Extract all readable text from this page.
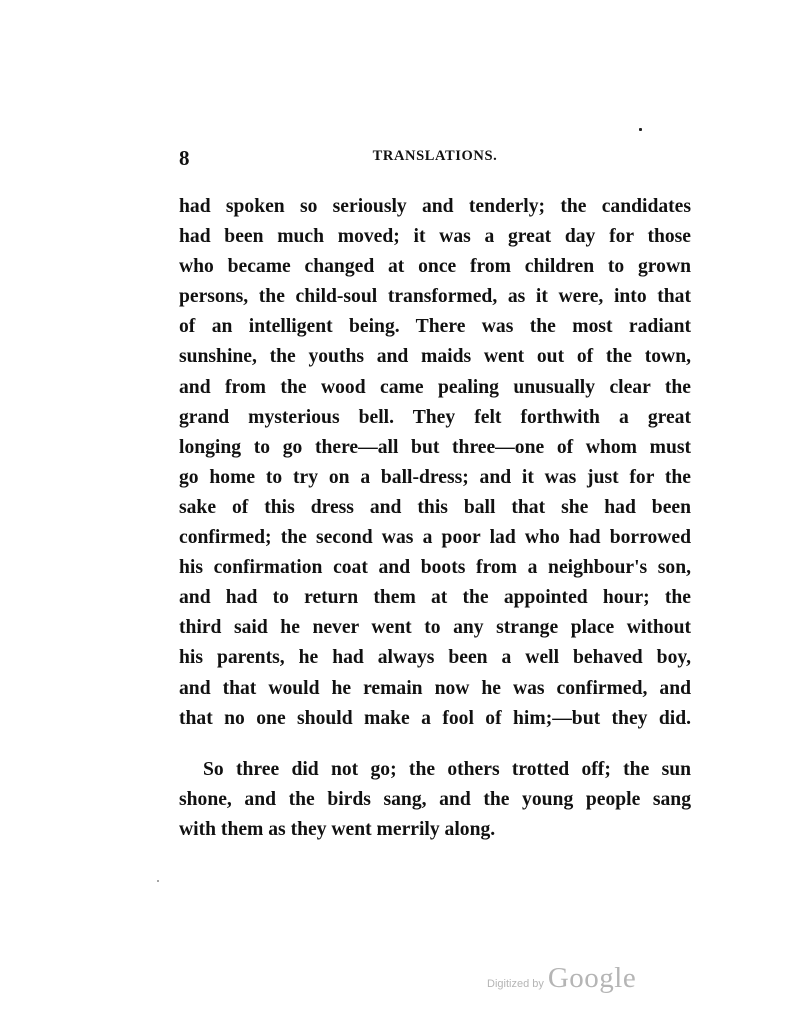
8	TRANSLATIONS.
had spoken so seriously and tenderly; the candidates
had been much moved; it was a great day for those
who became changed at once from children to grown
persons, the child-soul transformed, as it were, into that
of an intelligent being. There was the most radiant
sunshine, the youths and maids went out of the town,
and from the wood came pealing unusually clear the
grand mysterious bell. They felt forthwith a great
longing to go there—all but three—one of whom must
go home to try on a ball-dress; and it was just for the
sake of this dress and this ball that she had been
confirmed; the second was a poor lad who had borrowed
his confirmation coat and boots from a neighbour's son,
and had to return them at the appointed hour; the
third said he never went to any strange place without
his parents, he had always been a well behaved boy,
and that would he remain now he was confirmed, and
that no one should make a fool of him;—but they did.
So three did not go; the others trotted off; the sun
shone, and the birds sang, and the young people sang
with them as they went merrily along.
Digitized by Google
